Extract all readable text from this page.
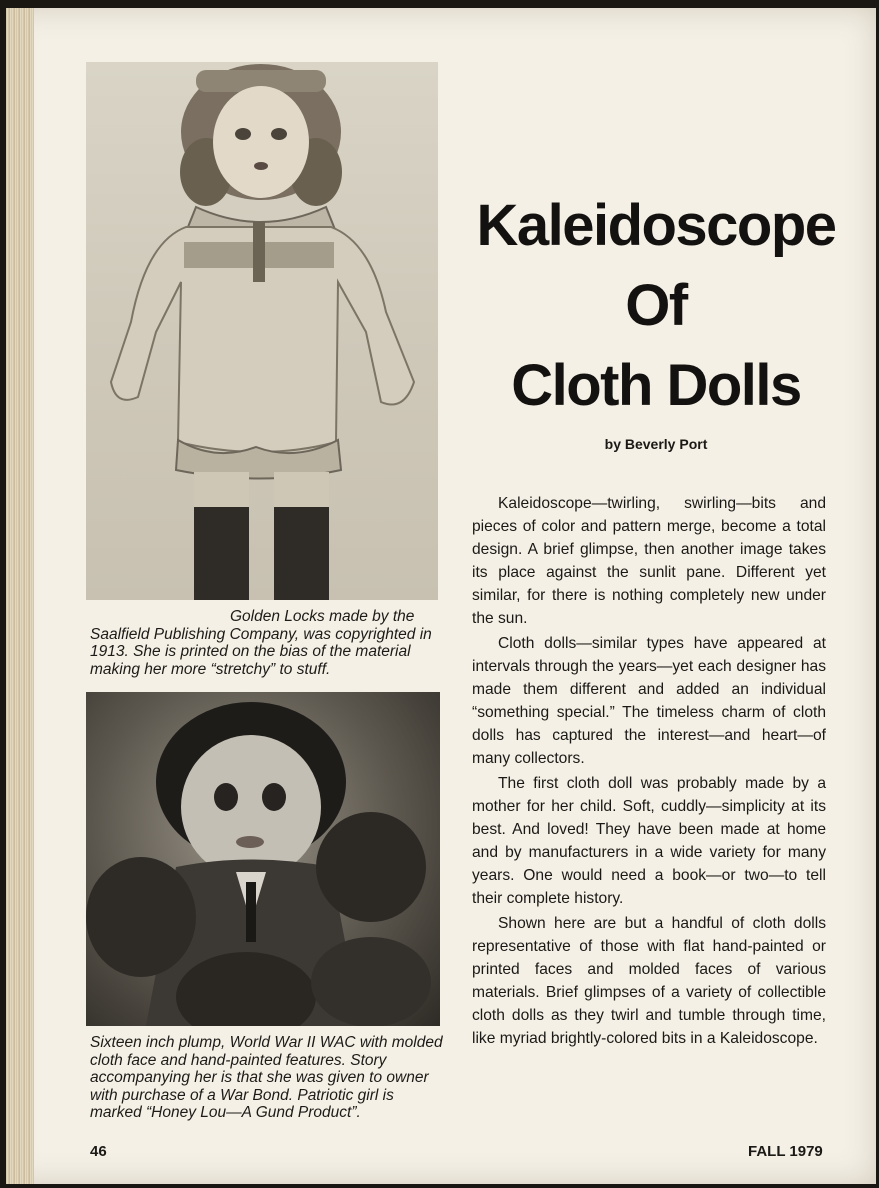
Golden Locks made by the
Saalfield Publishing Company, was copyrighted in 1913. She is printed on the bias of the material making her more “stretchy” to stuff.
Sixteen inch plump, World War II WAC with molded cloth face and hand-painted features. Story accompanying her is that she was given to owner with purchase of a War Bond. Patriotic girl is marked “Honey Lou—A Gund Product”.
Kaleidoscope
Of
Cloth Dolls
by Beverly Port

Kaleidoscope—twirling, swirling—bits and pieces of color and pattern merge, become a total design. A brief glimpse, then another image takes its place against the sunlit pane. Different yet similar, for there is nothing completely new under the sun.

Cloth dolls—similar types have appeared at intervals through the years—yet each designer has made them different and added an individual “something special.” The timeless charm of cloth dolls has captured the interest—and heart—of many collectors.

The first cloth doll was probably made by a mother for her child. Soft, cuddly—simplicity at its best. And loved! They have been made at home and by manufacturers in a wide variety for many years. One would need a book—or two—to tell their complete history.

Shown here are but a handful of cloth dolls representative of those with flat hand-painted or printed faces and molded faces of various materials. Brief glimpses of a variety of collectible cloth dolls as they twirl and tumble through time, like myriad brightly-colored bits in a Kaleidoscope.

46	FALL 1979
